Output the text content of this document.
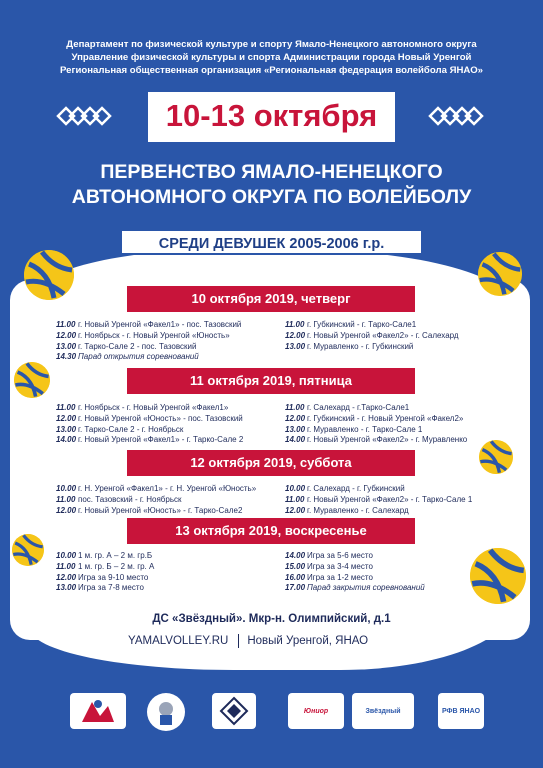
Департамент по физической культуре и спорту Ямало-Ненецкого автономного округа
Управление физической культуры и спорта Администрации города Новый Уренгой
Региональная общественная организация «Региональная федерация волейбола ЯНАО»
10-13 октября
ПЕРВЕНСТВО ЯМАЛО-НЕНЕЦКОГО
АВТОНОМНОГО ОКРУГА ПО ВОЛЕЙБОЛУ
СРЕДИ ДЕВУШЕК 2005-2006 г.р.
10 октября 2019, четверг
11.00 г. Новый Уренгой «Факел1» - пос. Тазовский
12.00 г. Ноябрьск - г. Новый Уренгой «Юность»
13.00 г. Тарко-Сале 2 - пос. Тазовский
14.30 Парад открытия соревнований
11.00 г. Губкинский - г. Тарко-Сале1
12.00 г. Новый Уренгой «Факел2» - г. Салехард
13.00 г. Муравленко - г. Губкинский
11 октября 2019, пятница
11.00 г. Ноябрьск - г. Новый Уренгой «Факел1»
12.00 г. Новый Уренгой «Юность» - пос. Тазовский
13.00 г. Тарко-Сале 2 - г. Ноябрьск
14.00 г. Новый Уренгой «Факел1» - г. Тарко-Сале 2
11.00 г. Салехард - г.Тарко-Сале1
12.00 г. Губкинский - г. Новый Уренгой «Факел2»
13.00 г. Муравленко - г. Тарко-Сале 1
14.00 г. Новый Уренгой «Факел2» - г. Муравленко
12 октября 2019, суббота
10.00 г. Н. Уренгой «Факел1» - г. Н. Уренгой «Юность»
11.00 пос. Тазовский - г. Ноябрьск
12.00 г. Новый Уренгой «Юность» - г. Тарко-Сале2
10.00 г. Салехард - г. Губкинский
11.00 г. Новый Уренгой «Факел2» - г. Тарко-Сале 1
12.00 г. Муравленко - г. Салехард
13 октября 2019, воскресенье
10.00 1 м. гр. А – 2 м. гр.Б
11.00 1 м. гр. Б – 2 м. гр. А
12.00 Игра за 9-10 место
13.00 Игра за 7-8 место
14.00 Игра за 5-6 место
15.00 Игра за 3-4 место
16.00 Игра за 1-2 место
17.00 Парад закрытия соревнований
ДС «Звёздный». Мкр-н. Олимпийский, д.1
YAMALVOLLEY.RU Новый Уренгой, ЯНАО
Юниор	Звёздный	РФВ ЯНАО
